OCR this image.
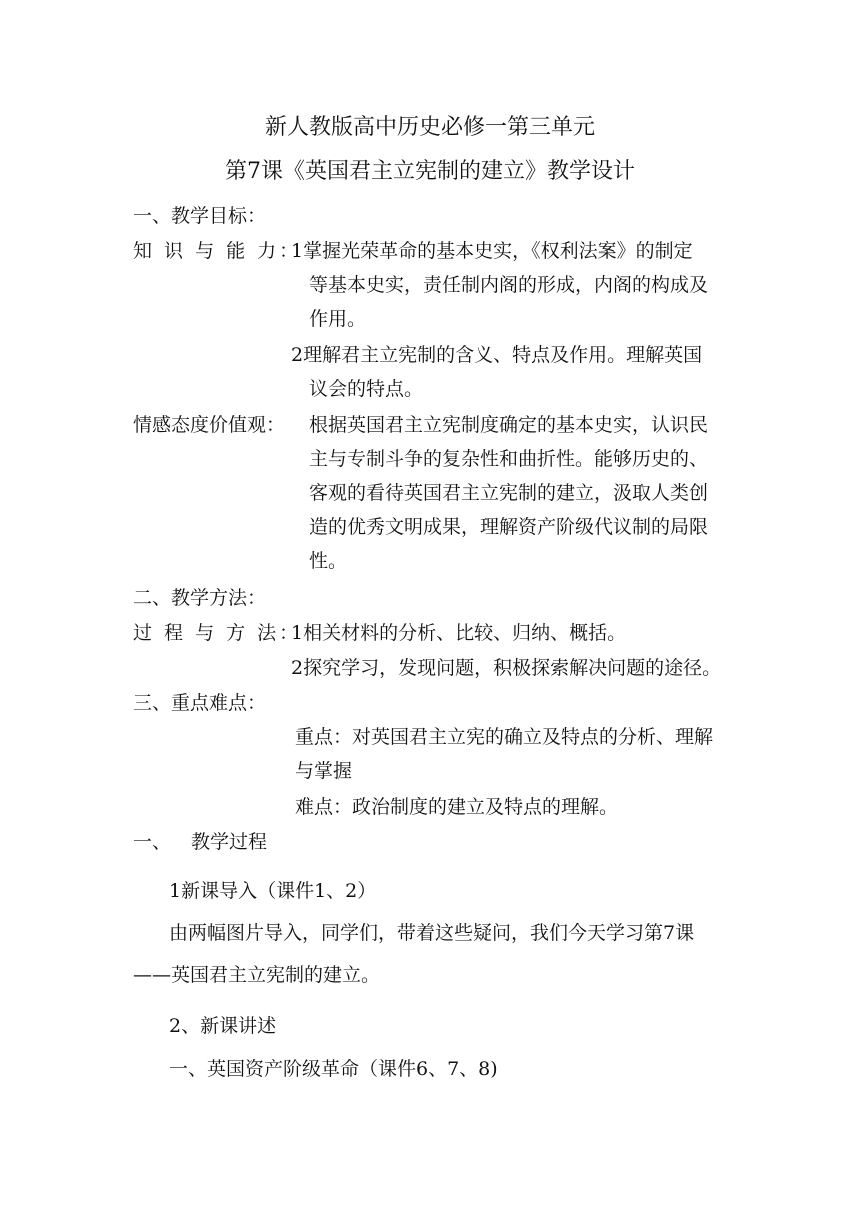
新人教版高中历史必修一第三单元
第7课《英国君主立宪制的建立》教学设计
一、教学目标：
知 识 与 能 力：
1掌握光荣革命的基本史实，《权利法案》的制定
等基本史实，责任制内阁的形成，内阁的构成及
作用。
2理解君主立宪制的含义、特点及作用。理解英国
议会的特点。
情感态度价值观： 根据英国君主立宪制度确定的基本史实，认识民
主与专制斗争的复杂性和曲折性。能够历史的、
客观的看待英国君主立宪制的建立，汲取人类创
造的优秀文明成果，理解资产阶级代议制的局限
性。
二、教学方法：
过 程 与 方 法：
1相关材料的分析、比较、归纳、概括。
2探究学习，发现问题，积极探索解决问题的途径。
三、重点难点：
重点：对英国君主立宪的确立及特点的分析、理解
与掌握
难点：政治制度的建立及特点的理解。
一、 教学过程
1新课导入（课件1、2）
由两幅图片导入，同学们，带着这些疑问，我们今天学习第7课
——英国君主立宪制的建立。
2、新课讲述
一、英国资产阶级革命（课件6、7、8)
